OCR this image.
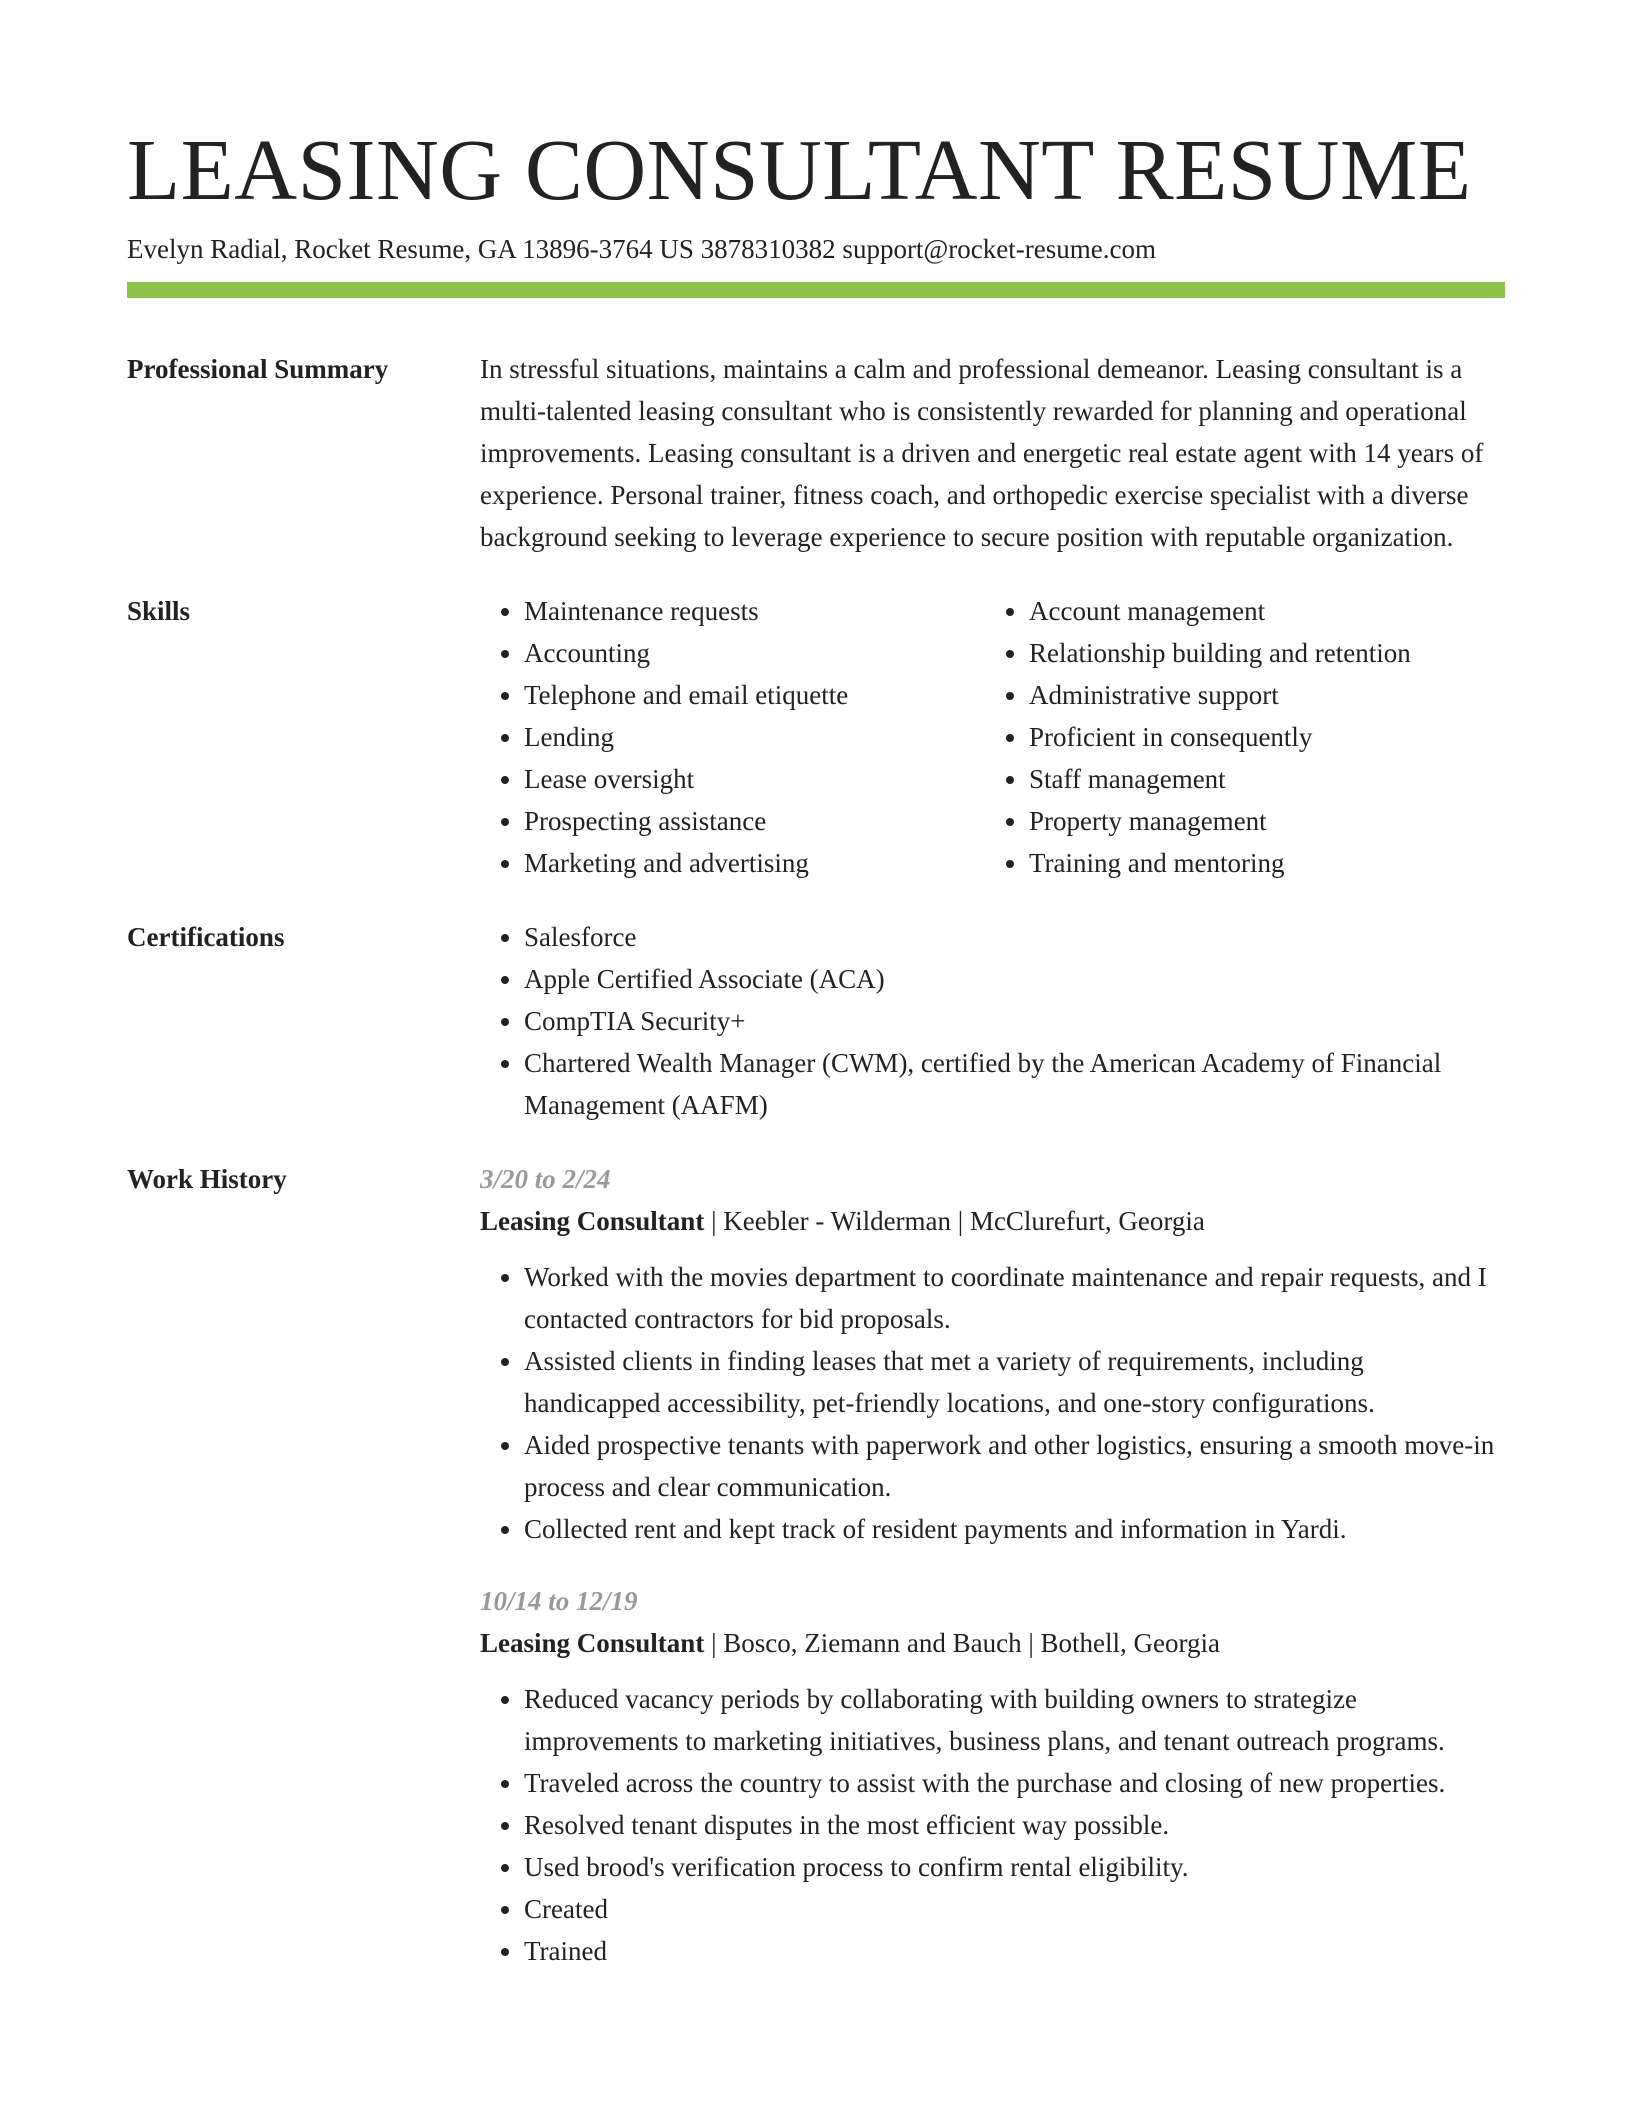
LEASING CONSULTANT RESUME
Evelyn Radial, Rocket Resume, GA 13896-3764 US 3878310382 support@rocket-resume.com
Professional Summary	In stressful situations, maintains a calm and professional demeanor. Leasing consultant is a multi-talented leasing consultant who is consistently rewarded for planning and operational improvements. Leasing consultant is a driven and energetic real estate agent with 14 years of experience. Personal trainer, fitness coach, and orthopedic exercise specialist with a diverse background seeking to leverage experience to secure position with reputable organization.
Skills	• Maintenance requests
• Accounting
• Telephone and email etiquette
• Lending
• Lease oversight
• Prospecting assistance
• Marketing and advertising
• Account management
• Relationship building and retention
• Administrative support
• Proficient in consequently
• Staff management
• Property management
• Training and mentoring
Certifications	• Salesforce
• Apple Certified Associate (ACA)
• CompTIA Security+
• Chartered Wealth Manager (CWM), certified by the American Academy of Financial Management (AAFM)
Work History	3/20 to 2/24
Leasing Consultant | Keebler - Wilderman | McClurefurt, Georgia
• Worked with the movies department to coordinate maintenance and repair requests, and I contacted contractors for bid proposals.
• Assisted clients in finding leases that met a variety of requirements, including handicapped accessibility, pet-friendly locations, and one-story configurations.
• Aided prospective tenants with paperwork and other logistics, ensuring a smooth move-in process and clear communication.
• Collected rent and kept track of resident payments and information in Yardi.
10/14 to 12/19
Leasing Consultant | Bosco, Ziemann and Bauch | Bothell, Georgia
• Reduced vacancy periods by collaborating with building owners to strategize improvements to marketing initiatives, business plans, and tenant outreach programs.
• Traveled across the country to assist with the purchase and closing of new properties.
• Resolved tenant disputes in the most efficient way possible.
• Used brood's verification process to confirm rental eligibility.
• Created
• Trained
